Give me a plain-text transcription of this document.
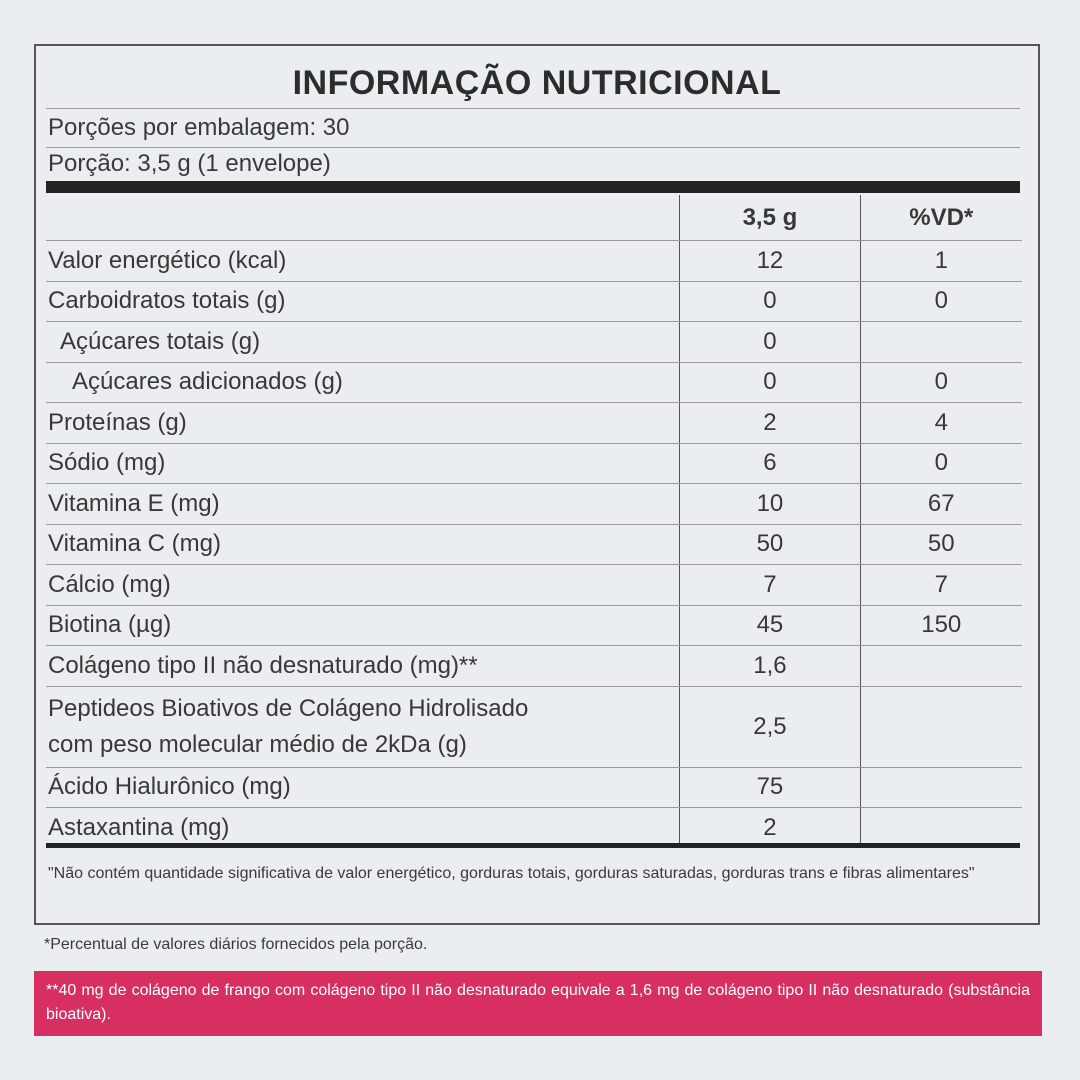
INFORMAÇÃO NUTRICIONAL
Porções por embalagem: 30
Porção: 3,5 g (1 envelope)
	3,5 g	%VD*
Valor energético (kcal)	12	1
Carboidratos totais (g)	0	0
Açúcares totais (g)	0	
Açúcares adicionados (g)	0	0
Proteínas (g)	2	4
Sódio (mg)	6	0
Vitamina E (mg)	10	67
Vitamina C (mg)	50	50
Cálcio (mg)	7	7
Biotina (µg)	45	150
Colágeno tipo II não desnaturado (mg)**	1,6	

Peptideos Bioativos de Colágeno Hidrolisado
com peso molecular médio de 2kDa (g)	2,5	
Ácido Hialurônico (mg)	75	
Astaxantina (mg)	2	
"Não contém quantidade significativa de valor energético, gorduras totais, gorduras saturadas, gorduras trans e fibras alimentares"
*Percentual de valores diários fornecidos pela porção.
**40 mg de colágeno de frango com colágeno tipo II não desnaturado equivale a 1,6 mg de colágeno tipo II não desnaturado (substância bioativa).
